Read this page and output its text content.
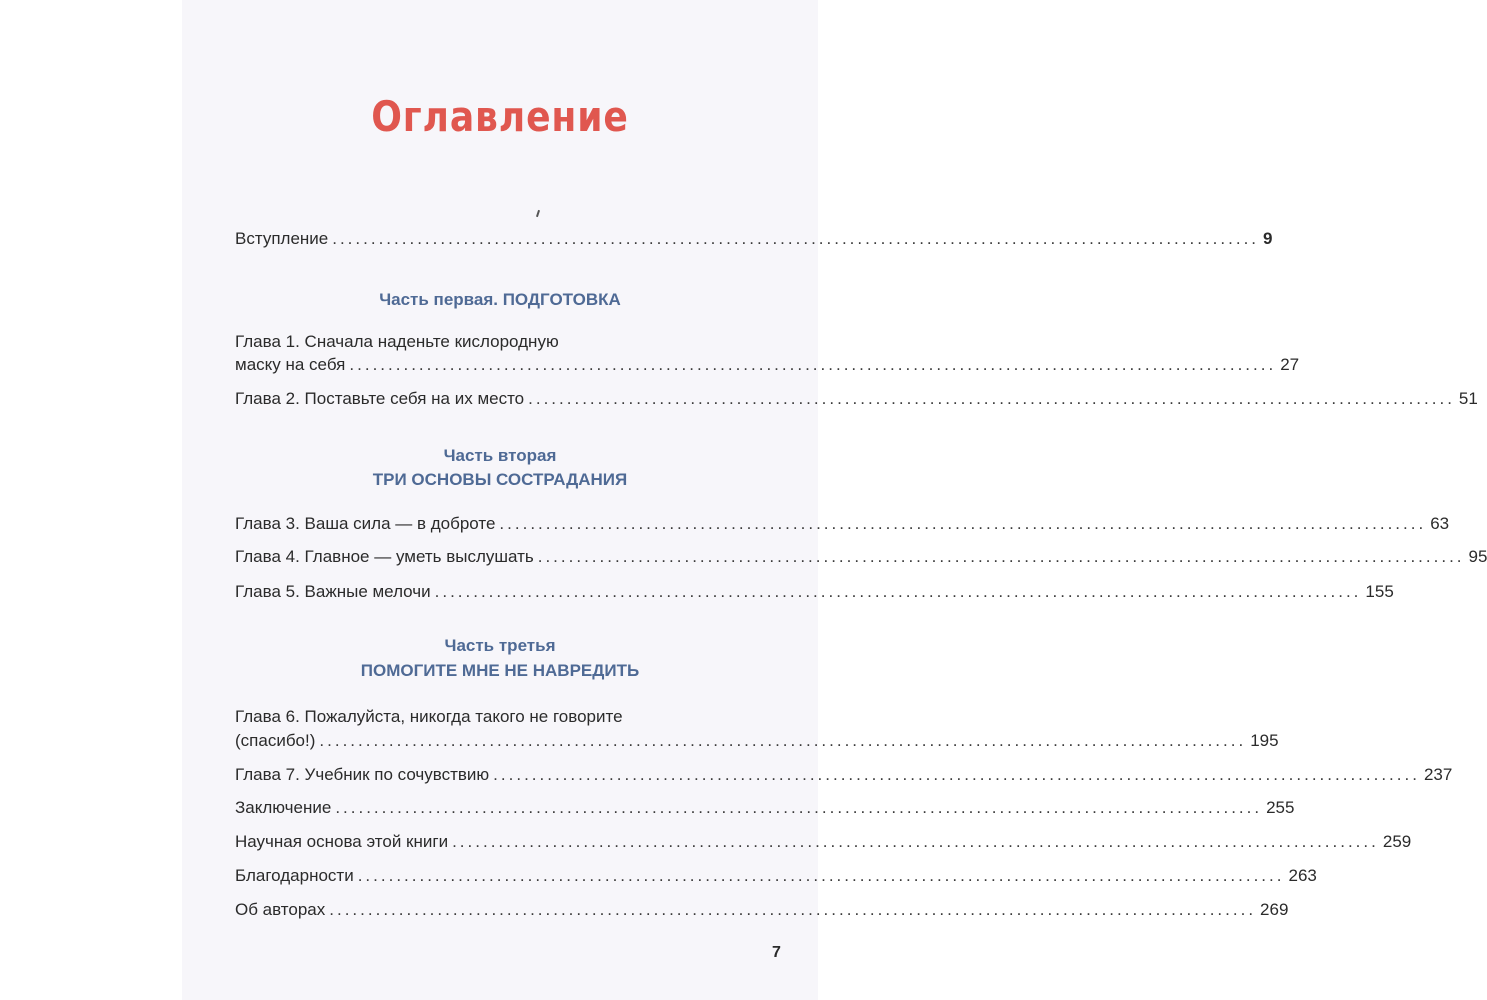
Оглавление
Вступление ........................................................................................................................ 9
Часть первая. ПОДГОТОВКА
Глава 1. Сначала наденьте кислородную
маску на себя ........................................................................................................................ 27
Глава 2. Поставьте себя на их место ........................................................................................................................ 51
Часть вторая
ТРИ ОСНОВЫ СОСТРАДАНИЯ
Глава 3. Ваша сила — в доброте ........................................................................................................................ 63
Глава 4. Главное — уметь выслушать ........................................................................................................................ 95
Глава 5. Важные мелочи ........................................................................................................................ 155
Часть третья
ПОМОГИТЕ МНЕ НЕ НАВРЕДИТЬ
Глава 6. Пожалуйста, никогда такого не говорите
(спасибо!) ........................................................................................................................ 195
Глава 7. Учебник по сочувствию ........................................................................................................................ 237
Заключение ........................................................................................................................ 255
Научная основа этой книги ........................................................................................................................ 259
Благодарности ........................................................................................................................ 263
Об авторах ........................................................................................................................ 269
7
